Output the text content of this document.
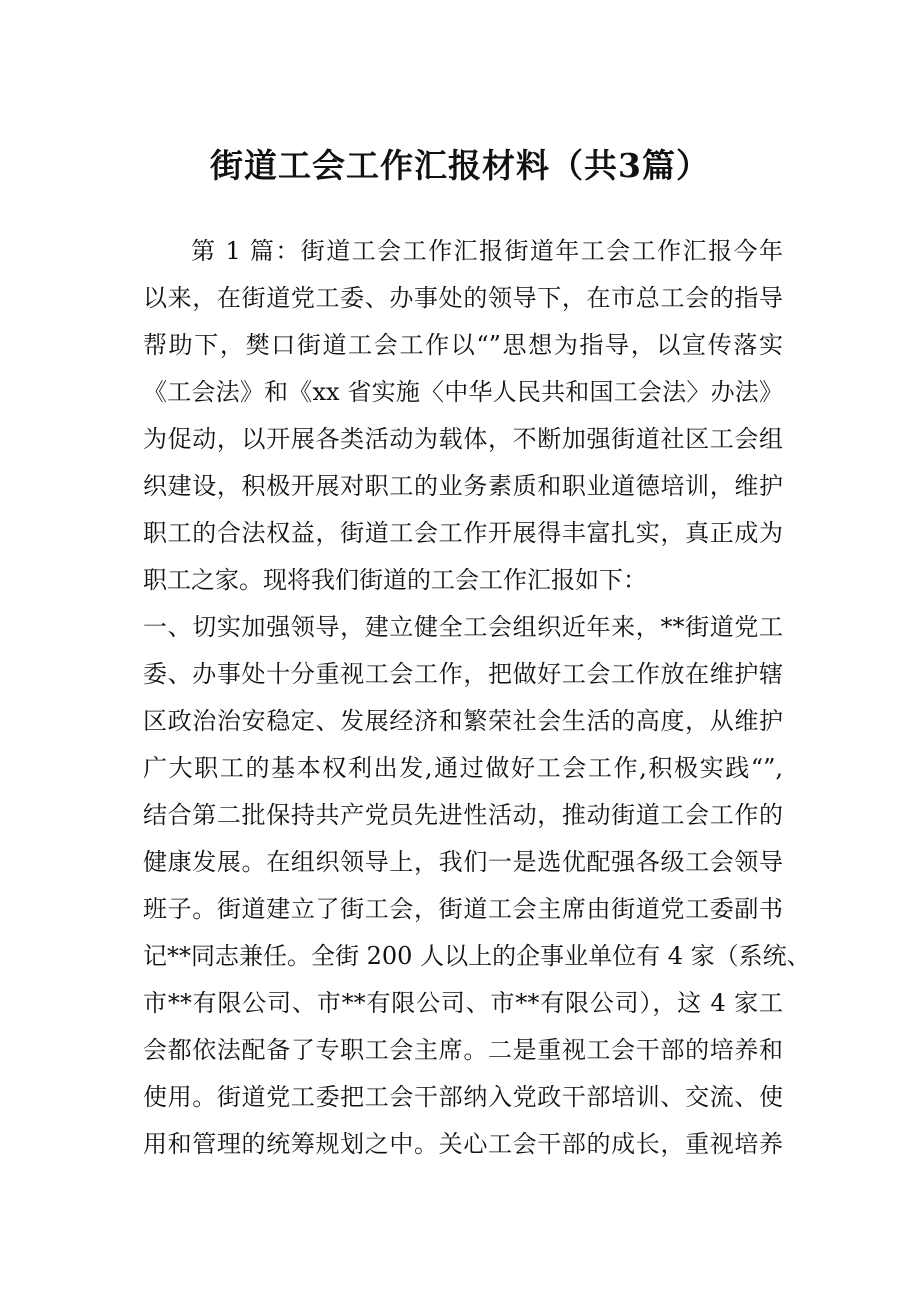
街道工会工作汇报材料（共3篇）
第 1 篇：街道工会工作汇报街道年工会工作汇报今年
以来，在街道党工委、办事处的领导下，在市总工会的指导
帮助下，樊口街道工会工作以“”思想为指导，以宣传落实
《工会法》和《xx 省实施〈中华人民共和国工会法〉办法》
为促动，以开展各类活动为载体，不断加强街道社区工会组
织建设，积极开展对职工的业务素质和职业道德培训，维护
职工的合法权益，街道工会工作开展得丰富扎实，真正成为
职工之家。现将我们街道的工会工作汇报如下：
一、切实加强领导，建立健全工会组织近年来，**街道党工
委、办事处十分重视工会工作，把做好工会工作放在维护辖
区政治治安稳定、发展经济和繁荣社会生活的高度，从维护
广大职工的基本权利出发,通过做好工会工作,积极实践“”,
结合第二批保持共产党员先进性活动，推动街道工会工作的
健康发展。在组织领导上，我们一是选优配强各级工会领导
班子。街道建立了街工会，街道工会主席由街道党工委副书
记**同志兼任。全街 200 人以上的企事业单位有 4 家（系统、
市**有限公司、市**有限公司、市**有限公司），这 4 家工
会都依法配备了专职工会主席。二是重视工会干部的培养和
使用。街道党工委把工会干部纳入党政干部培训、交流、使
用和管理的统筹规划之中。关心工会干部的成长，重视培养
